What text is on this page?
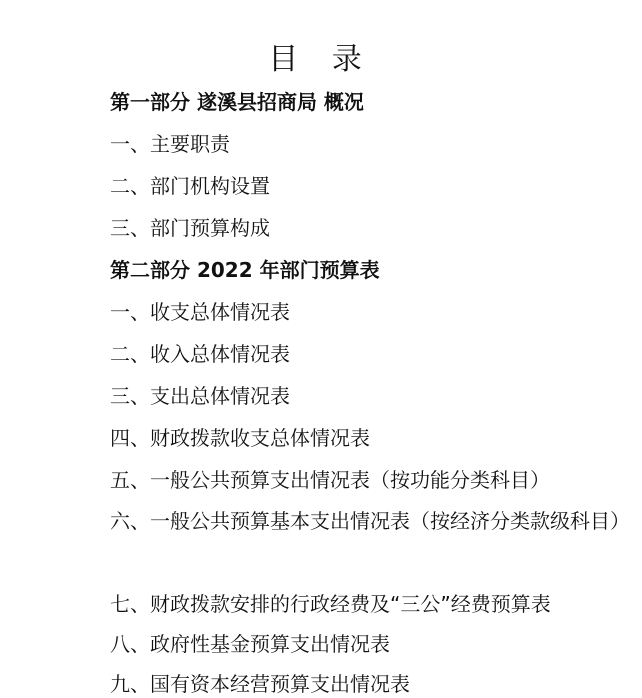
目 录
第一部分 遂溪县招商局 概况
一、主要职责
二、部门机构设置
三、部门预算构成
第二部分 2022 年部门预算表
一、收支总体情况表
二、收入总体情况表
三、支出总体情况表
四、财政拨款收支总体情况表
五、一般公共预算支出情况表（按功能分类科目）
六、一般公共预算基本支出情况表（按经济分类款级科目）
七、财政拨款安排的行政经费及“三公”经费预算表
八、政府性基金预算支出情况表
九、国有资本经营预算支出情况表
